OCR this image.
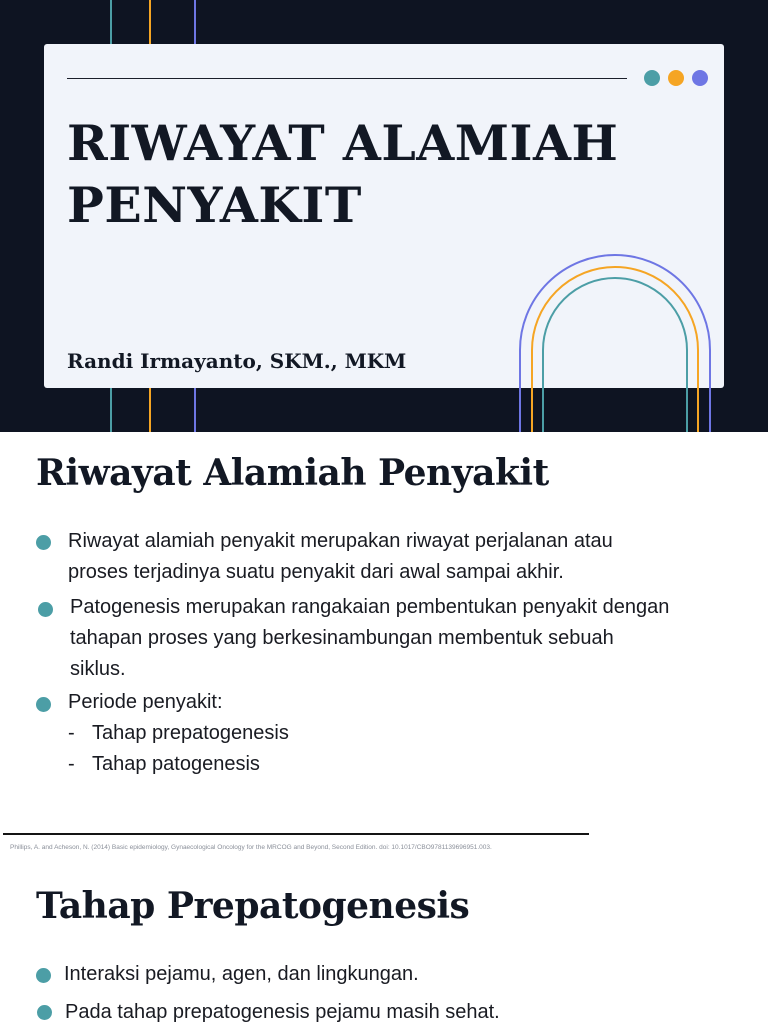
RIWAYAT ALAMIAH
PENYAKIT

Randi Irmayanto, SKM., MKM

Riwayat Alamiah Penyakit
Riwayat alamiah penyakit merupakan riwayat perjalanan atau
proses terjadinya suatu penyakit dari awal sampai akhir.
Patogenesis merupakan rangakaian pembentukan penyakit dengan
tahapan proses yang berkesinambungan membentuk sebuah
siklus.
Periode penyakit:
- Tahap prepatogenesis
- Tahap patogenesis

Phillips, A. and Acheson, N. (2014) Basic epidemiology, Gynaecological Oncology for the MRCOG and Beyond, Second Edition. doi: 10.1017/CBO9781139696951.003.

Tahap Prepatogenesis
Interaksi pejamu, agen, dan lingkungan.
Pada tahap prepatogenesis pejamu masih sehat.
